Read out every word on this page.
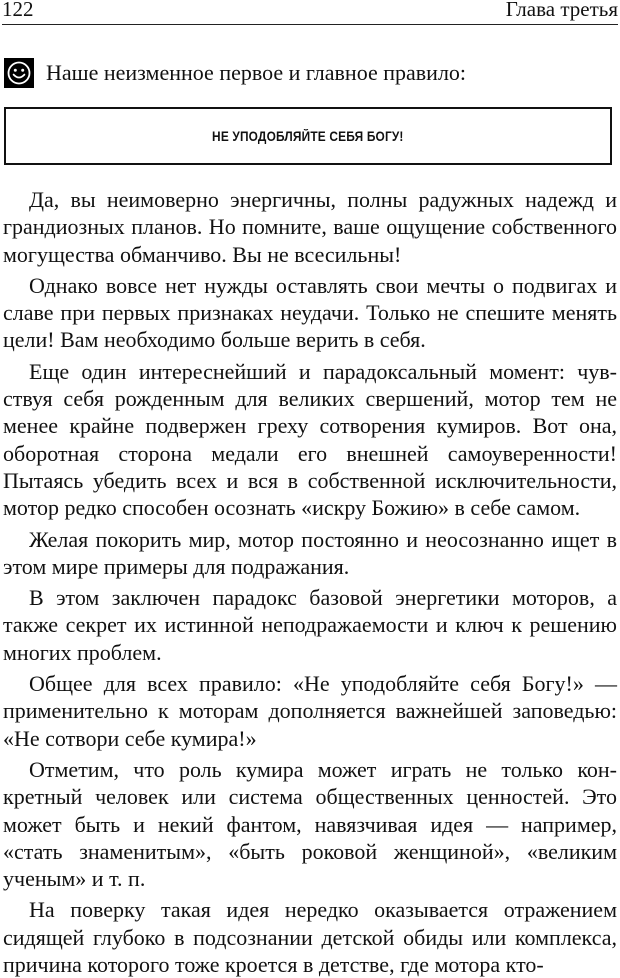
122	Глава третья
Наше неизменное первое и главное правило:
НЕ УПОДОБЛЯЙТЕ СЕБЯ БОГУ!

Да, вы неимоверно энергичны, полны радужных надежд и грандиозных планов. Но помните, ваше ощущение собственного могущества обманчиво. Вы не всесильны!

Однако вовсе нет нужды оставлять свои мечты о подвигах и славе при первых признаках неудачи. Только не спешите менять цели! Вам необходимо больше верить в себя.

Еще один интереснейший и парадоксальный момент: чувствуя себя рожденным для великих свершений, мотор тем не менее крайне подвержен греху сотворения кумиров. Вот она, оборотная сторона медали его внешней самоуверенности! Пытаясь убедить всех и вся в собственной исключительности, мотор редко способен осознать «искру Божию» в себе самом.

Желая покорить мир, мотор постоянно и неосознанно ищет в этом мире примеры для подражания.

В этом заключен парадокс базовой энергетики моторов, а также секрет их истинной неподражаемости и ключ к решению многих проблем.

Общее для всех правило: «Не уподобляйте себя Богу!» — применительно к моторам дополняется важнейшей заповедью: «Не сотвори себе кумира!»

Отметим, что роль кумира может играть не только конкретный человек или система общественных ценностей. Это может быть и некий фантом, навязчивая идея — например, «стать знаменитым», «быть роковой женщиной», «великим ученым» и т. п.

На поверку такая идея нередко оказывается отражением сидящей глубоко в подсознании детской обиды или комплекса, причина которого тоже кроется в детстве, где мотора кто-
